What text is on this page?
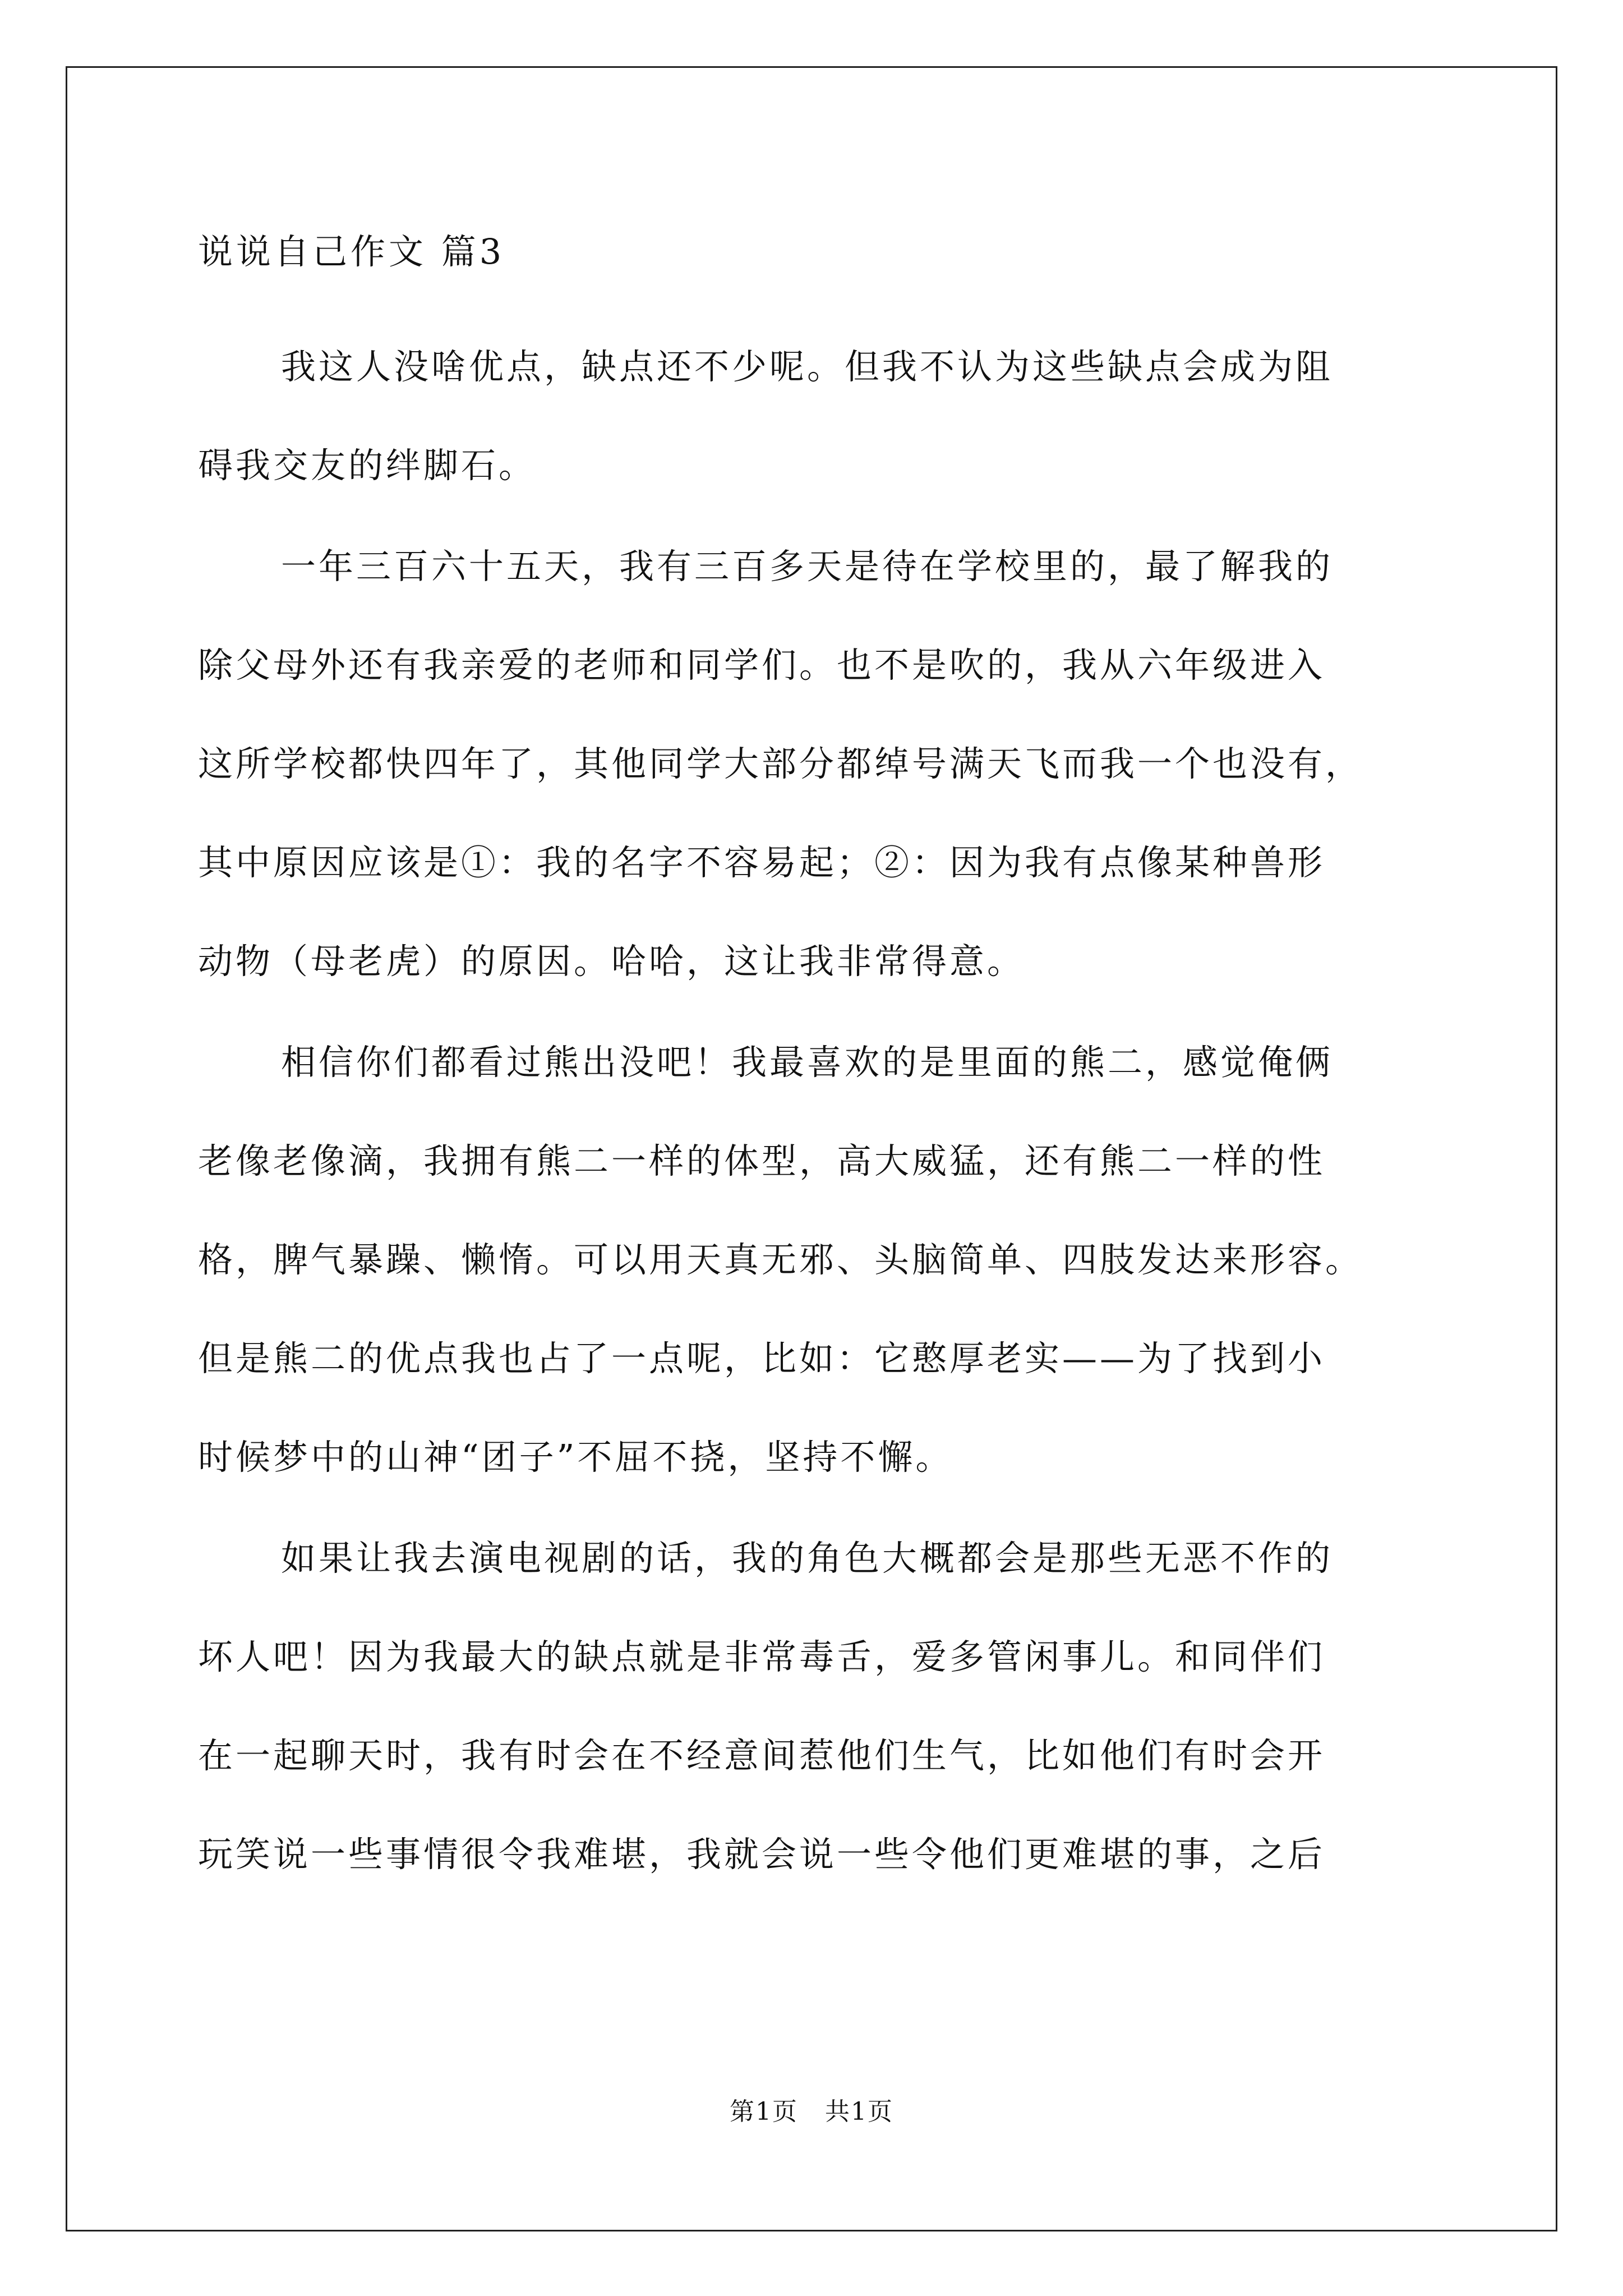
说说自己作文 篇3
我这人没啥优点，缺点还不少呢。但我不认为这些缺点会成为阻
碍我交友的绊脚石。
一年三百六十五天，我有三百多天是待在学校里的，最了解我的
除父母外还有我亲爱的老师和同学们。也不是吹的，我从六年级进入
这所学校都快四年了，其他同学大部分都绰号满天飞而我一个也没有，
其中原因应该是①：我的名字不容易起；②：因为我有点像某种兽形
动物（母老虎）的原因。哈哈，这让我非常得意。
相信你们都看过熊出没吧！我最喜欢的是里面的熊二，感觉俺俩
老像老像滴，我拥有熊二一样的体型，高大威猛，还有熊二一样的性
格，脾气暴躁、懒惰。可以用天真无邪、头脑简单、四肢发达来形容。
但是熊二的优点我也占了一点呢，比如：它憨厚老实——为了找到小
时候梦中的山神“团子”不屈不挠，坚持不懈。
如果让我去演电视剧的话，我的角色大概都会是那些无恶不作的
坏人吧！因为我最大的缺点就是非常毒舌，爱多管闲事儿。和同伴们
在一起聊天时，我有时会在不经意间惹他们生气，比如他们有时会开
玩笑说一些事情很令我难堪，我就会说一些令他们更难堪的事，之后
第1页   共1页
